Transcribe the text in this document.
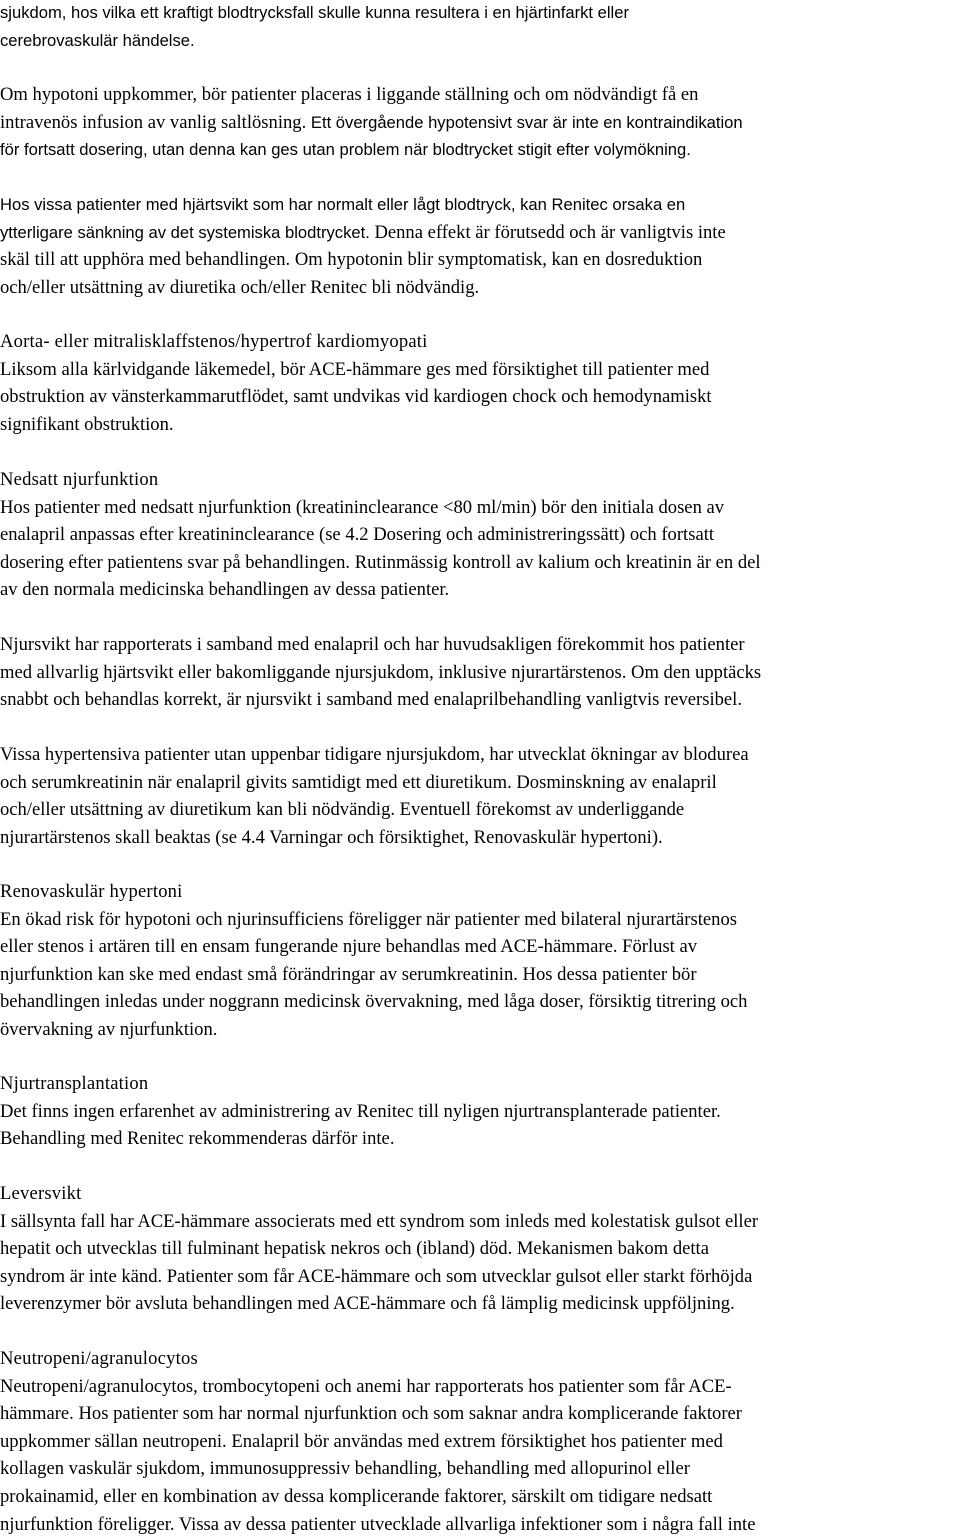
sjukdom, hos vilka ett kraftigt blodtrycksfall skulle kunna resultera i en hjärtinfarkt eller
cerebrovaskulär händelse.
Om hypotoni uppkommer, bör patienter placeras i liggande ställning och om nödvändigt få en
intravenös infusion av vanlig saltlösning. Ett övergående hypotensivt svar är inte en kontraindikation
för fortsatt dosering, utan denna kan ges utan problem när blodtrycket stigit efter volymökning.
Hos vissa patienter med hjärtsvikt som har normalt eller lågt blodtryck, kan Renitec orsaka en
ytterligare sänkning av det systemiska blodtrycket. Denna effekt är förutsedd och är vanligtvis inte
skäl till att upphöra med behandlingen. Om hypotonin blir symptomatisk, kan en dosreduktion
och/eller utsättning av diuretika och/eller Renitec bli nödvändig.
Aorta- eller mitralisklaffstenos/hypertrof kardiomyopati
Liksom alla kärlvidgande läkemedel, bör ACE-hämmare ges med försiktighet till patienter med
obstruktion av vänsterkammarutflödet, samt undvikas vid kardiogen chock och hemodynamiskt
signifikant obstruktion.
Nedsatt njurfunktion
Hos patienter med nedsatt njurfunktion (kreatininclearance <80 ml/min) bör den initiala dosen av
enalapril anpassas efter kreatininclearance (se 4.2 Dosering och administreringssätt) och fortsatt
dosering efter patientens svar på behandlingen. Rutinmässig kontroll av kalium och kreatinin är en del
av den normala medicinska behandlingen av dessa patienter.
Njursvikt har rapporterats i samband med enalapril och har huvudsakligen förekommit hos patienter
med allvarlig hjärtsvikt eller bakomliggande njursjukdom, inklusive njurartärstenos. Om den upptäcks
snabbt och behandlas korrekt, är njursvikt i samband med enalaprilbehandling vanligtvis reversibel.
Vissa hypertensiva patienter utan uppenbar tidigare njursjukdom, har utvecklat ökningar av blodurea
och serumkreatinin när enalapril givits samtidigt med ett diuretikum. Dosminskning av enalapril
och/eller utsättning av diuretikum kan bli nödvändig. Eventuell förekomst av underliggande
njurartärstenos skall beaktas (se 4.4 Varningar och försiktighet, Renovaskulär hypertoni).
Renovaskulär hypertoni
En ökad risk för hypotoni och njurinsufficiens föreligger när patienter med bilateral njurartärstenos
eller stenos i artären till en ensam fungerande njure behandlas med ACE-hämmare. Förlust av
njurfunktion kan ske med endast små förändringar av serumkreatinin. Hos dessa patienter bör
behandlingen inledas under noggrann medicinsk övervakning, med låga doser, försiktig titrering och
övervakning av njurfunktion.
Njurtransplantation
Det finns ingen erfarenhet av administrering av Renitec till nyligen njurtransplanterade patienter.
Behandling med Renitec rekommenderas därför inte.
Leversvikt
I sällsynta fall har ACE-hämmare associerats med ett syndrom som inleds med kolestatisk gulsot eller
hepatit och utvecklas till fulminant hepatisk nekros och (ibland) död. Mekanismen bakom detta
syndrom är inte känd. Patienter som får ACE-hämmare och som utvecklar gulsot eller starkt förhöjda
leverenzymer bör avsluta behandlingen med ACE-hämmare och få lämplig medicinsk uppföljning.
Neutropeni/agranulocytos
Neutropeni/agranulocytos, trombocytopeni och anemi har rapporterats hos patienter som får ACE-
hämmare. Hos patienter som har normal njurfunktion och som saknar andra komplicerande faktorer
uppkommer sällan neutropeni. Enalapril bör användas med extrem försiktighet hos patienter med
kollagen vaskulär sjukdom, immunosuppressiv behandling, behandling med allopurinol eller
prokainamid, eller en kombination av dessa komplicerande faktorer, särskilt om tidigare nedsatt
njurfunktion föreligger. Vissa av dessa patienter utvecklade allvarliga infektioner som i några fall inte
